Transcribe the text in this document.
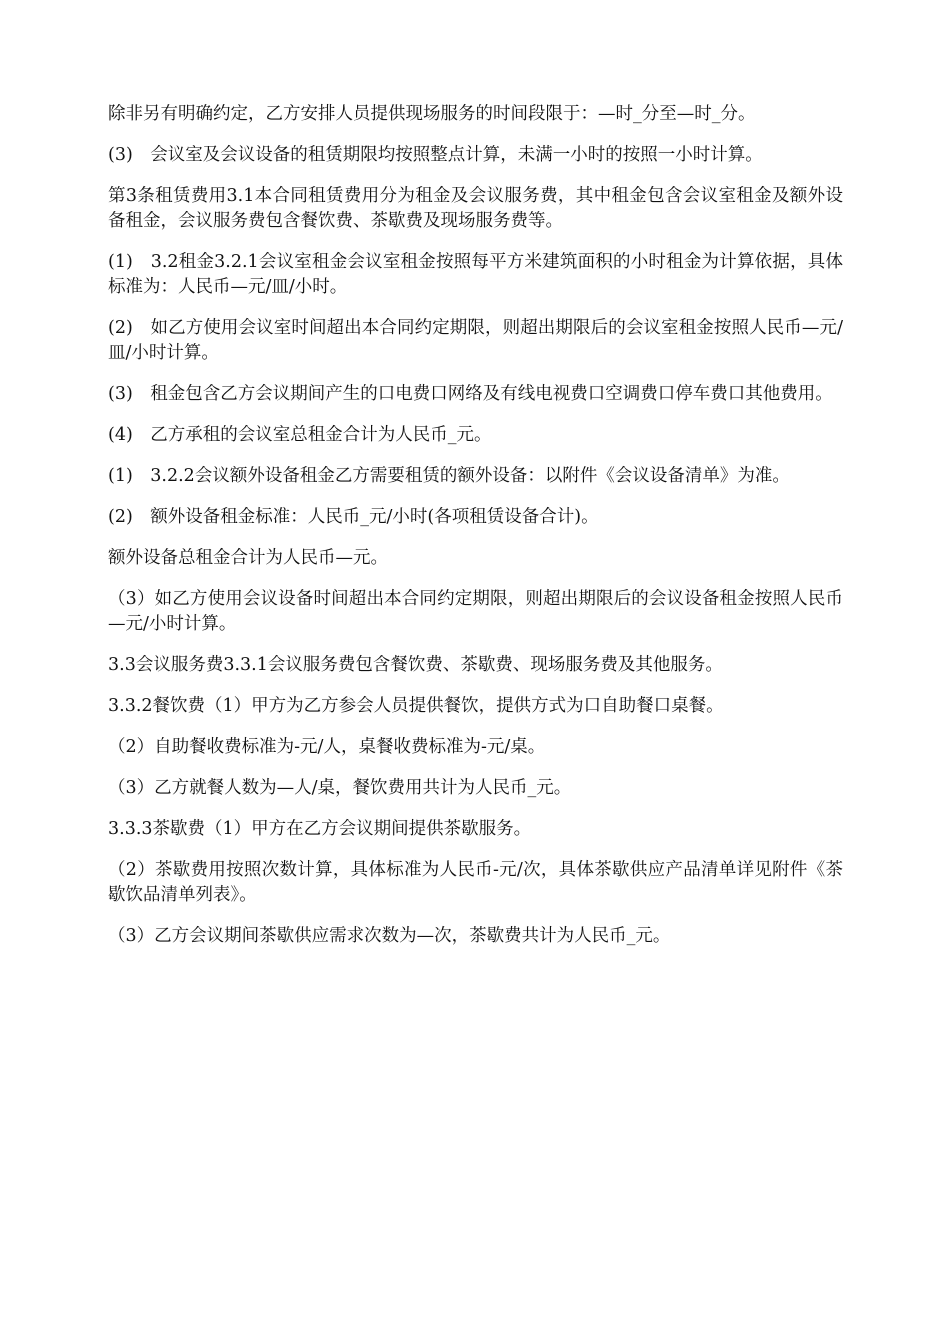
除非另有明确约定，乙方安排人员提供现场服务的时间段限于：—时_分至—时_分。

(3)　会议室及会议设备的租赁期限均按照整点计算，未满一小时的按照一小时计算。

第3条租赁费用3.1本合同租赁费用分为租金及会议服务费，其中租金包含会议室租金及额外设备租金，会议服务费包含餐饮费、茶歇费及现场服务费等。

(1)　3.2租金3.2.1会议室租金会议室租金按照每平方米建筑面积的小时租金为计算依据，具体标准为：人民币—元/皿/小时。

(2)　如乙方使用会议室时间超出本合同约定期限，则超出期限后的会议室租金按照人民币—元/皿/小时计算。

(3)　租金包含乙方会议期间产生的口电费口网络及有线电视费口空调费口停车费口其他费用。

(4)　乙方承租的会议室总租金合计为人民币_元。

(1)　3.2.2会议额外设备租金乙方需要租赁的额外设备：以附件《会议设备清单》为准。

(2)　额外设备租金标准：人民币_元/小时(各项租赁设备合计)。

额外设备总租金合计为人民币—元。

（3）如乙方使用会议设备时间超出本合同约定期限，则超出期限后的会议设备租金按照人民币—元/小时计算。

3.3会议服务费3.3.1会议服务费包含餐饮费、茶歇费、现场服务费及其他服务。

3.3.2餐饮费（1）甲方为乙方参会人员提供餐饮，提供方式为口自助餐口桌餐。

（2）自助餐收费标准为-元/人，桌餐收费标准为-元/桌。

（3）乙方就餐人数为—人/桌，餐饮费用共计为人民币_元。

3.3.3茶歇费（1）甲方在乙方会议期间提供茶歇服务。

（2）茶歇费用按照次数计算，具体标准为人民币-元/次，具体茶歇供应产品清单详见附件《茶歇饮品清单列表》。

（3）乙方会议期间茶歇供应需求次数为—次，茶歇费共计为人民币_元。
